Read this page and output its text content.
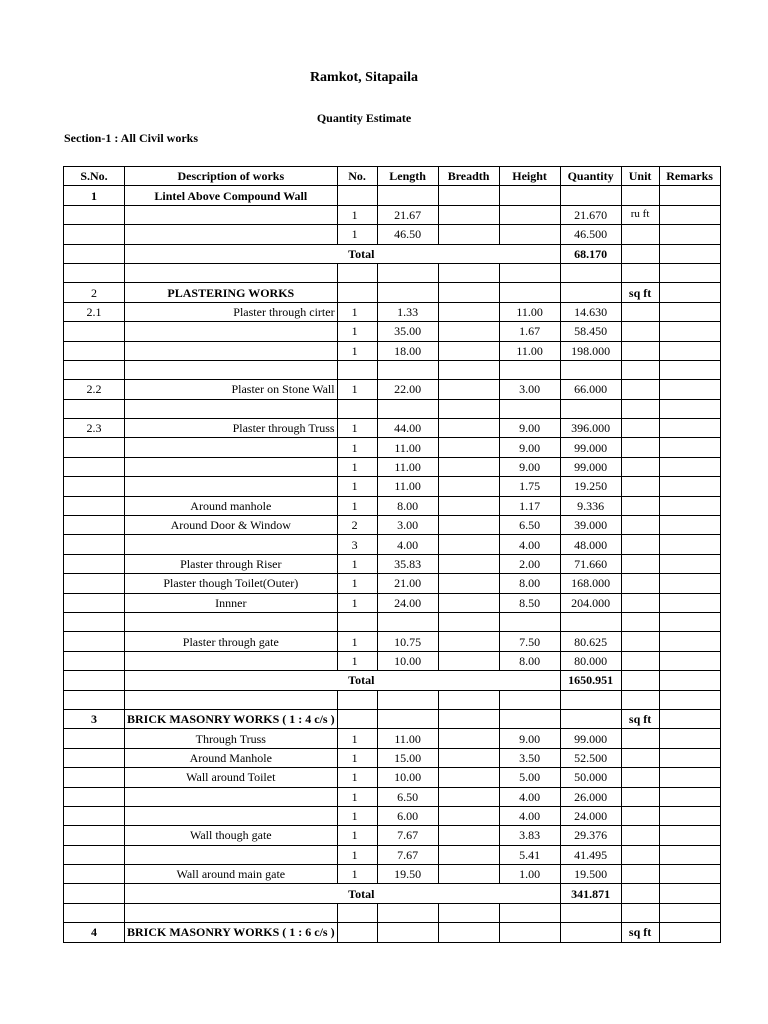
Ramkot, Sitapaila
Quantity Estimate
Section-1 : All Civil works
S.No.	Description of works	No.	Length	Breadth	Height	Quantity	Unit	Remarks
1	Lintel Above Compound Wall							
		1	21.67			21.670	ru ft	
		1	46.50			46.500		
	Total					68.170		

2	PLASTERING WORKS						sq ft	
2.1	Plaster through cirter	1	1.33		11.00	14.630		
		1	35.00		1.67	58.450		
		1	18.00		11.00	198.000		

2.2	Plaster on Stone Wall	1	22.00		3.00	66.000		

2.3	Plaster through Truss	1	44.00		9.00	396.000		
		1	11.00		9.00	99.000		
		1	11.00		9.00	99.000		
		1	11.00		1.75	19.250		
	Around manhole	1	8.00		1.17	9.336		
	Around Door & Window	2	3.00		6.50	39.000		
		3	4.00		4.00	48.000		
	Plaster through Riser	1	35.83		2.00	71.660		
	Plaster though Toilet(Outer)	1	21.00		8.00	168.000		
	Innner	1	24.00		8.50	204.000		

	Plaster through gate	1	10.75		7.50	80.625		
		1	10.00		8.00	80.000		
	Total					1650.951		

3	BRICK MASONRY WORKS ( 1 : 4 c/s )						sq ft	
	Through Truss	1	11.00		9.00	99.000		
	Around Manhole	1	15.00		3.50	52.500		
	Wall around Toilet	1	10.00		5.00	50.000		
		1	6.50		4.00	26.000		
		1	6.00		4.00	24.000		
	Wall though gate	1	7.67		3.83	29.376		
		1	7.67		5.41	41.495		
	Wall around main gate	1	19.50		1.00	19.500		
	Total					341.871		

4	BRICK MASONRY WORKS ( 1 : 6 c/s )						sq ft	
